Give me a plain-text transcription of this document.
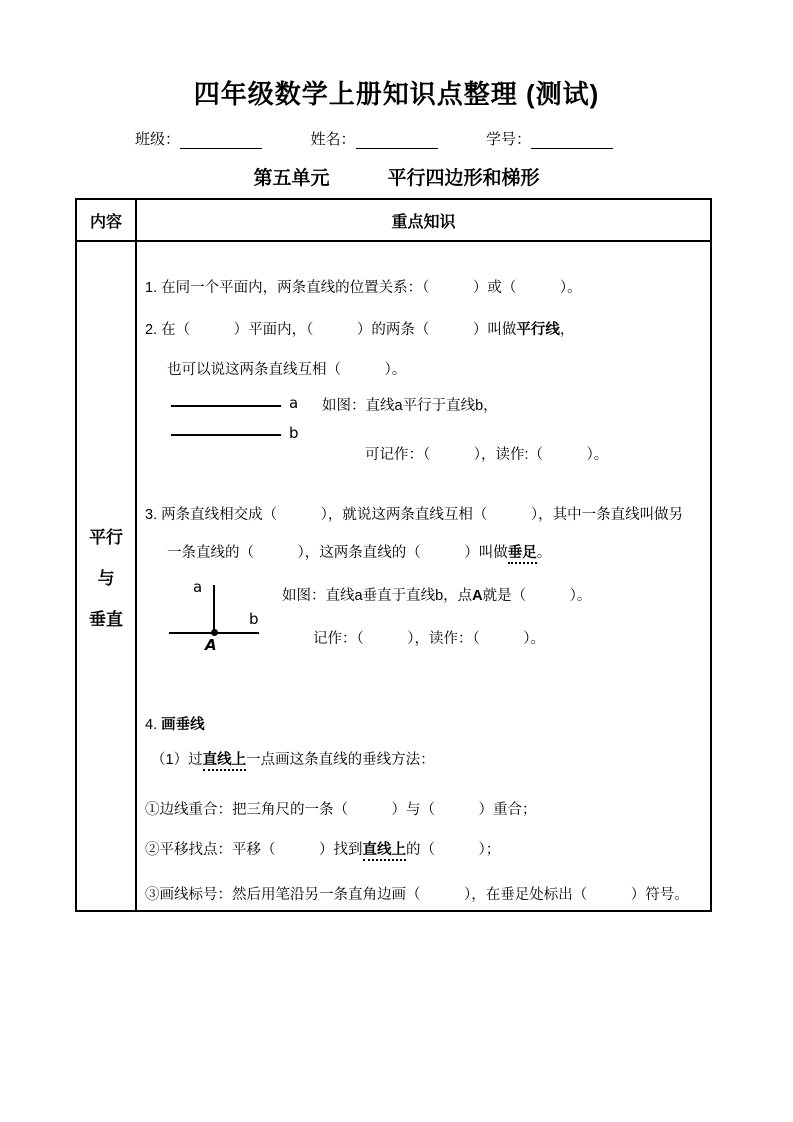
四年级数学上册知识点整理 (测试)
班级：	姓名：	学号：
第五单元	平行四边形和梯形
内容	重点知识
平行
与
垂直

1. 在同一个平面内，两条直线的位置关系：（　　　）或（　　　）。

2. 在（　　　）平面内，（　　　）的两条（　　　）叫做平行线，

也可以说这两条直线互相（　　　）。

a
b

如图：直线a平行于直线b，

可记作：（　　　），读作:（　　　）。

3. 两条直线相交成（　　　），就说这两条直线互相（　　　），其中一条直线叫做另

一条直线的（　　　），这两条直线的（　　　）叫做垂足。

a
b
A

如图：直线a垂直于直线b，点A就是（　　　）。

记作：（　　　），读作：（　　　）。

4. 画垂线

（1）过直线上一点画这条直线的垂线方法：

①边线重合：把三角尺的一条（　　　）与（　　　）重合；

②平移找点：平移（　　　）找到直线上的（　　　）；

③画线标号：然后用笔沿另一条直角边画（　　　），在垂足处标出（　　　）符号。
